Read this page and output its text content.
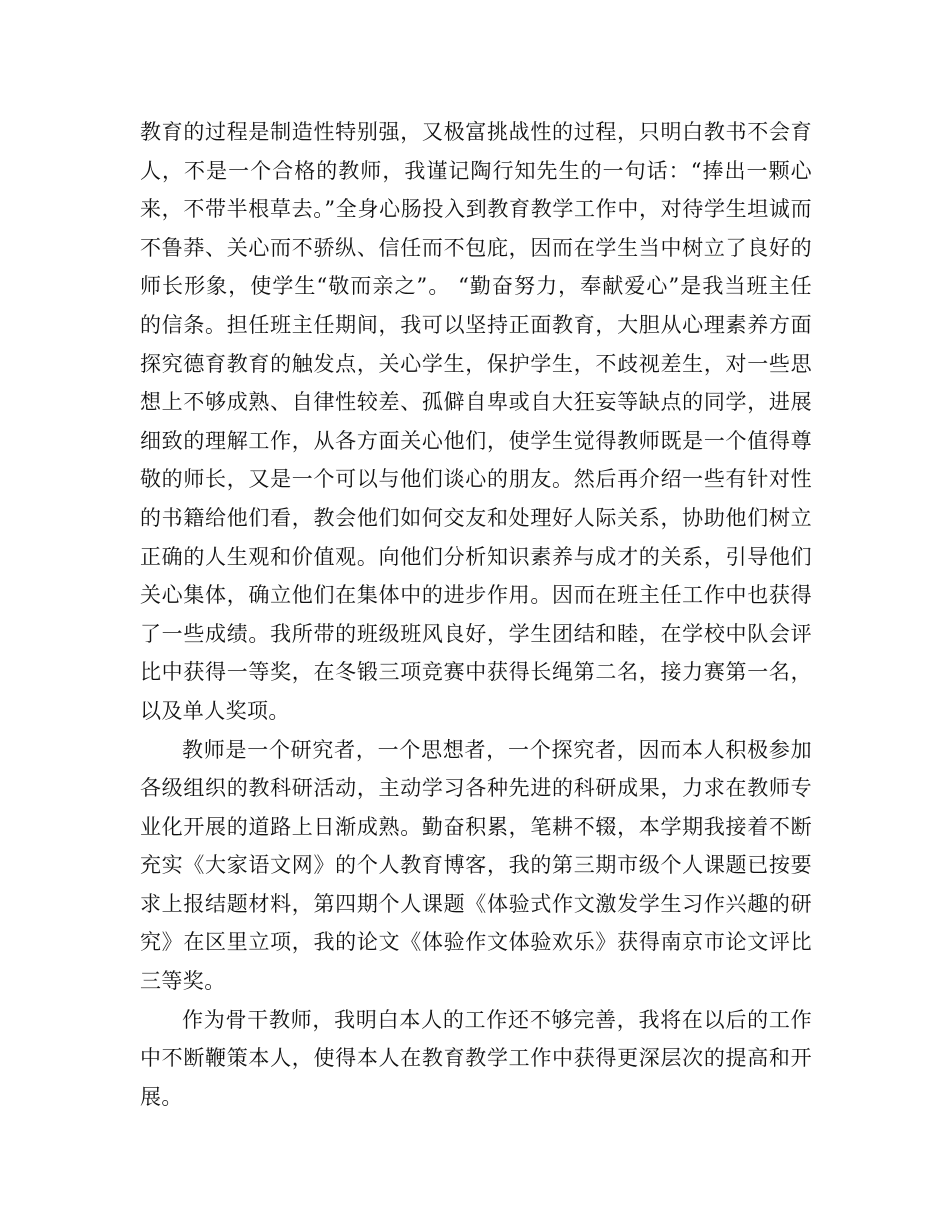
教育的过程是制造性特别强，又极富挑战性的过程，只明白教书不会育人，不是一个合格的教师，我谨记陶行知先生的一句话：“捧出一颗心来，不带半根草去。”全身心肠投入到教育教学工作中，对待学生坦诚而不鲁莽、关心而不骄纵、信任而不包庇，因而在学生当中树立了良好的师长形象，使学生“敬而亲之”。 “勤奋努力，奉献爱心”是我当班主任的信条。担任班主任期间，我可以坚持正面教育，大胆从心理素养方面探究德育教育的触发点，关心学生，保护学生，不歧视差生，对一些思想上不够成熟、自律性较差、孤僻自卑或自大狂妄等缺点的同学，进展细致的理解工作，从各方面关心他们，使学生觉得教师既是一个值得尊敬的师长，又是一个可以与他们谈心的朋友。然后再介绍一些有针对性的书籍给他们看，教会他们如何交友和处理好人际关系，协助他们树立正确的人生观和价值观。向他们分析知识素养与成才的关系，引导他们关心集体，确立他们在集体中的进步作用。因而在班主任工作中也获得了一些成绩。我所带的班级班风良好，学生团结和睦，在学校中队会评比中获得一等奖，在冬锻三项竞赛中获得长绳第二名，接力赛第一名，以及单人奖项。

教师是一个研究者，一个思想者，一个探究者，因而本人积极参加各级组织的教科研活动，主动学习各种先进的科研成果，力求在教师专业化开展的道路上日渐成熟。勤奋积累，笔耕不辍，本学期我接着不断充实《大家语文网》的个人教育博客，我的第三期市级个人课题已按要求上报结题材料，第四期个人课题《体验式作文激发学生习作兴趣的研究》在区里立项，我的论文《体验作文体验欢乐》获得南京市论文评比三等奖。

作为骨干教师，我明白本人的工作还不够完善，我将在以后的工作中不断鞭策本人，使得本人在教育教学工作中获得更深层次的提高和开展。
